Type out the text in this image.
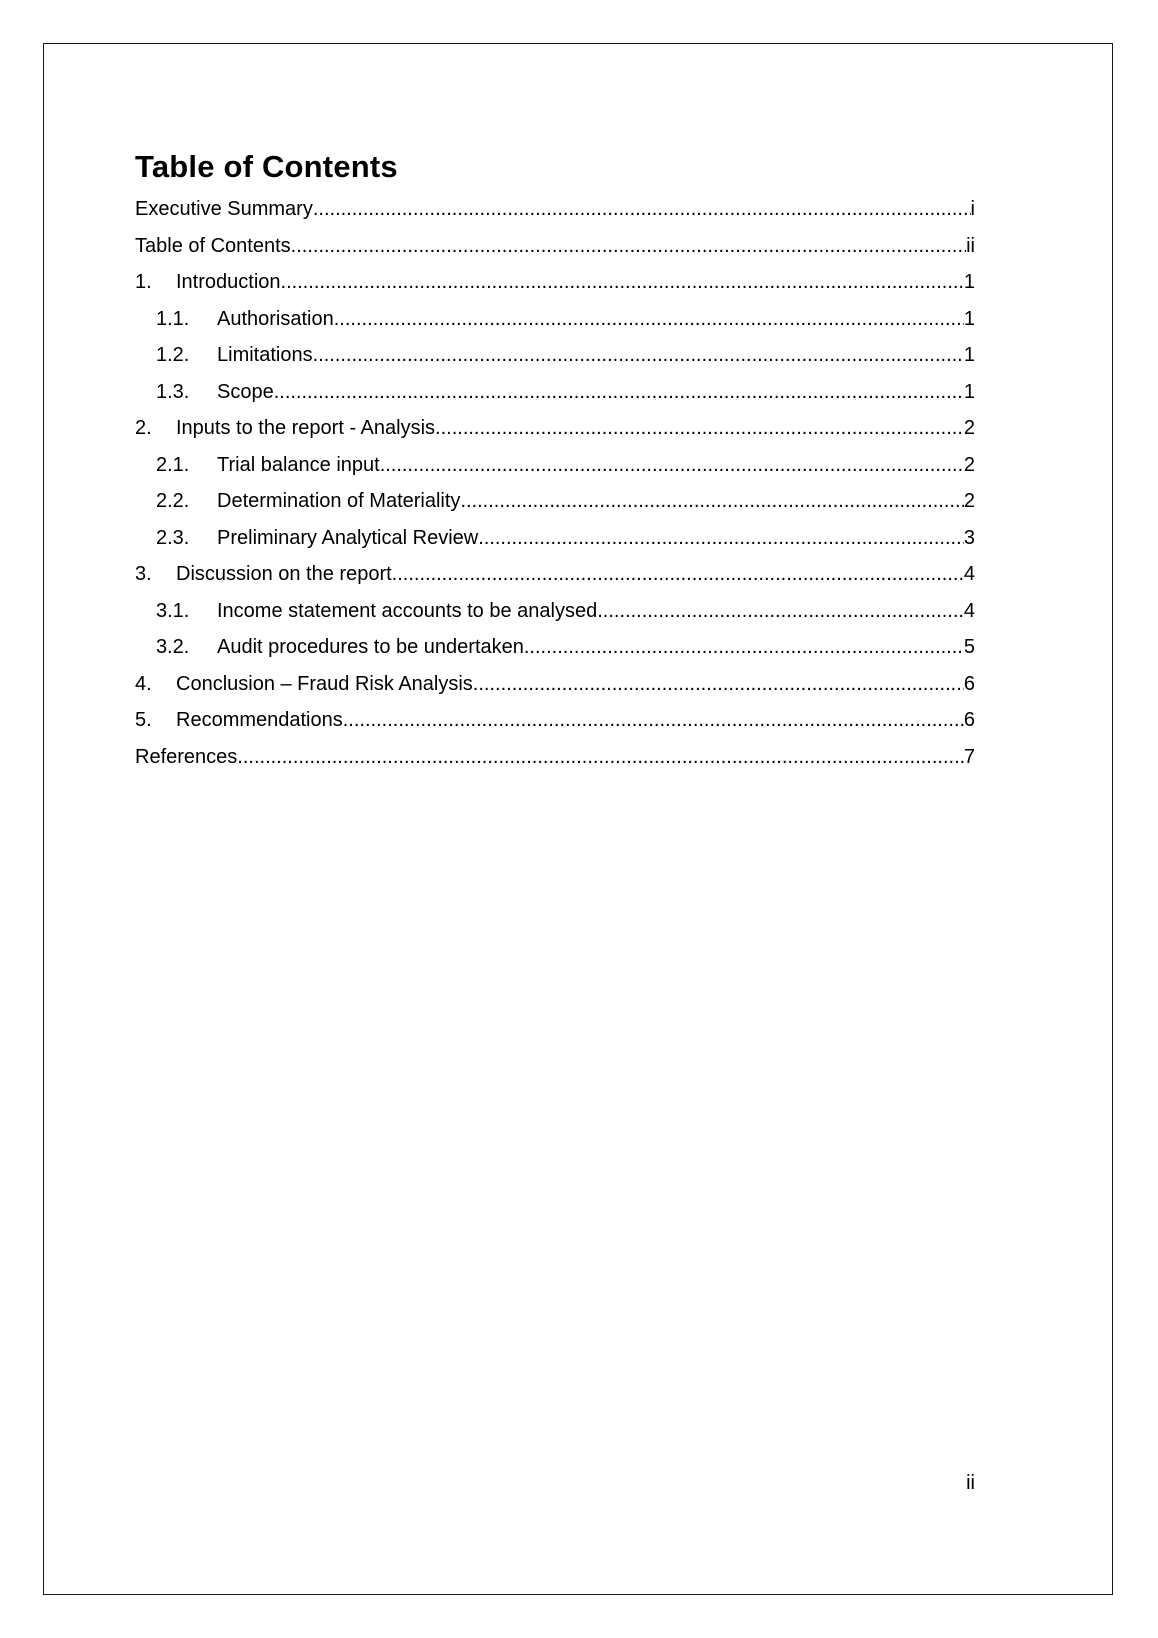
Table of Contents
Executive Summary .....	i
Table of Contents .....	ii
1.	Introduction .....	1
1.1.	Authorisation .....	1
1.2.	Limitations .....	1
1.3.	Scope .....	1
2.	Inputs to the report - Analysis .....	2
2.1.	Trial balance input .....	2
2.2.	Determination of Materiality .....	2
2.3.	Preliminary Analytical Review .....	3
3.	Discussion on the report .....	4
3.1.	Income statement accounts to be analysed .....	4
3.2.	Audit procedures to be undertaken .....	5
4.	Conclusion – Fraud Risk Analysis .....	6
5.	Recommendations .....	6
References .....	7
ii
